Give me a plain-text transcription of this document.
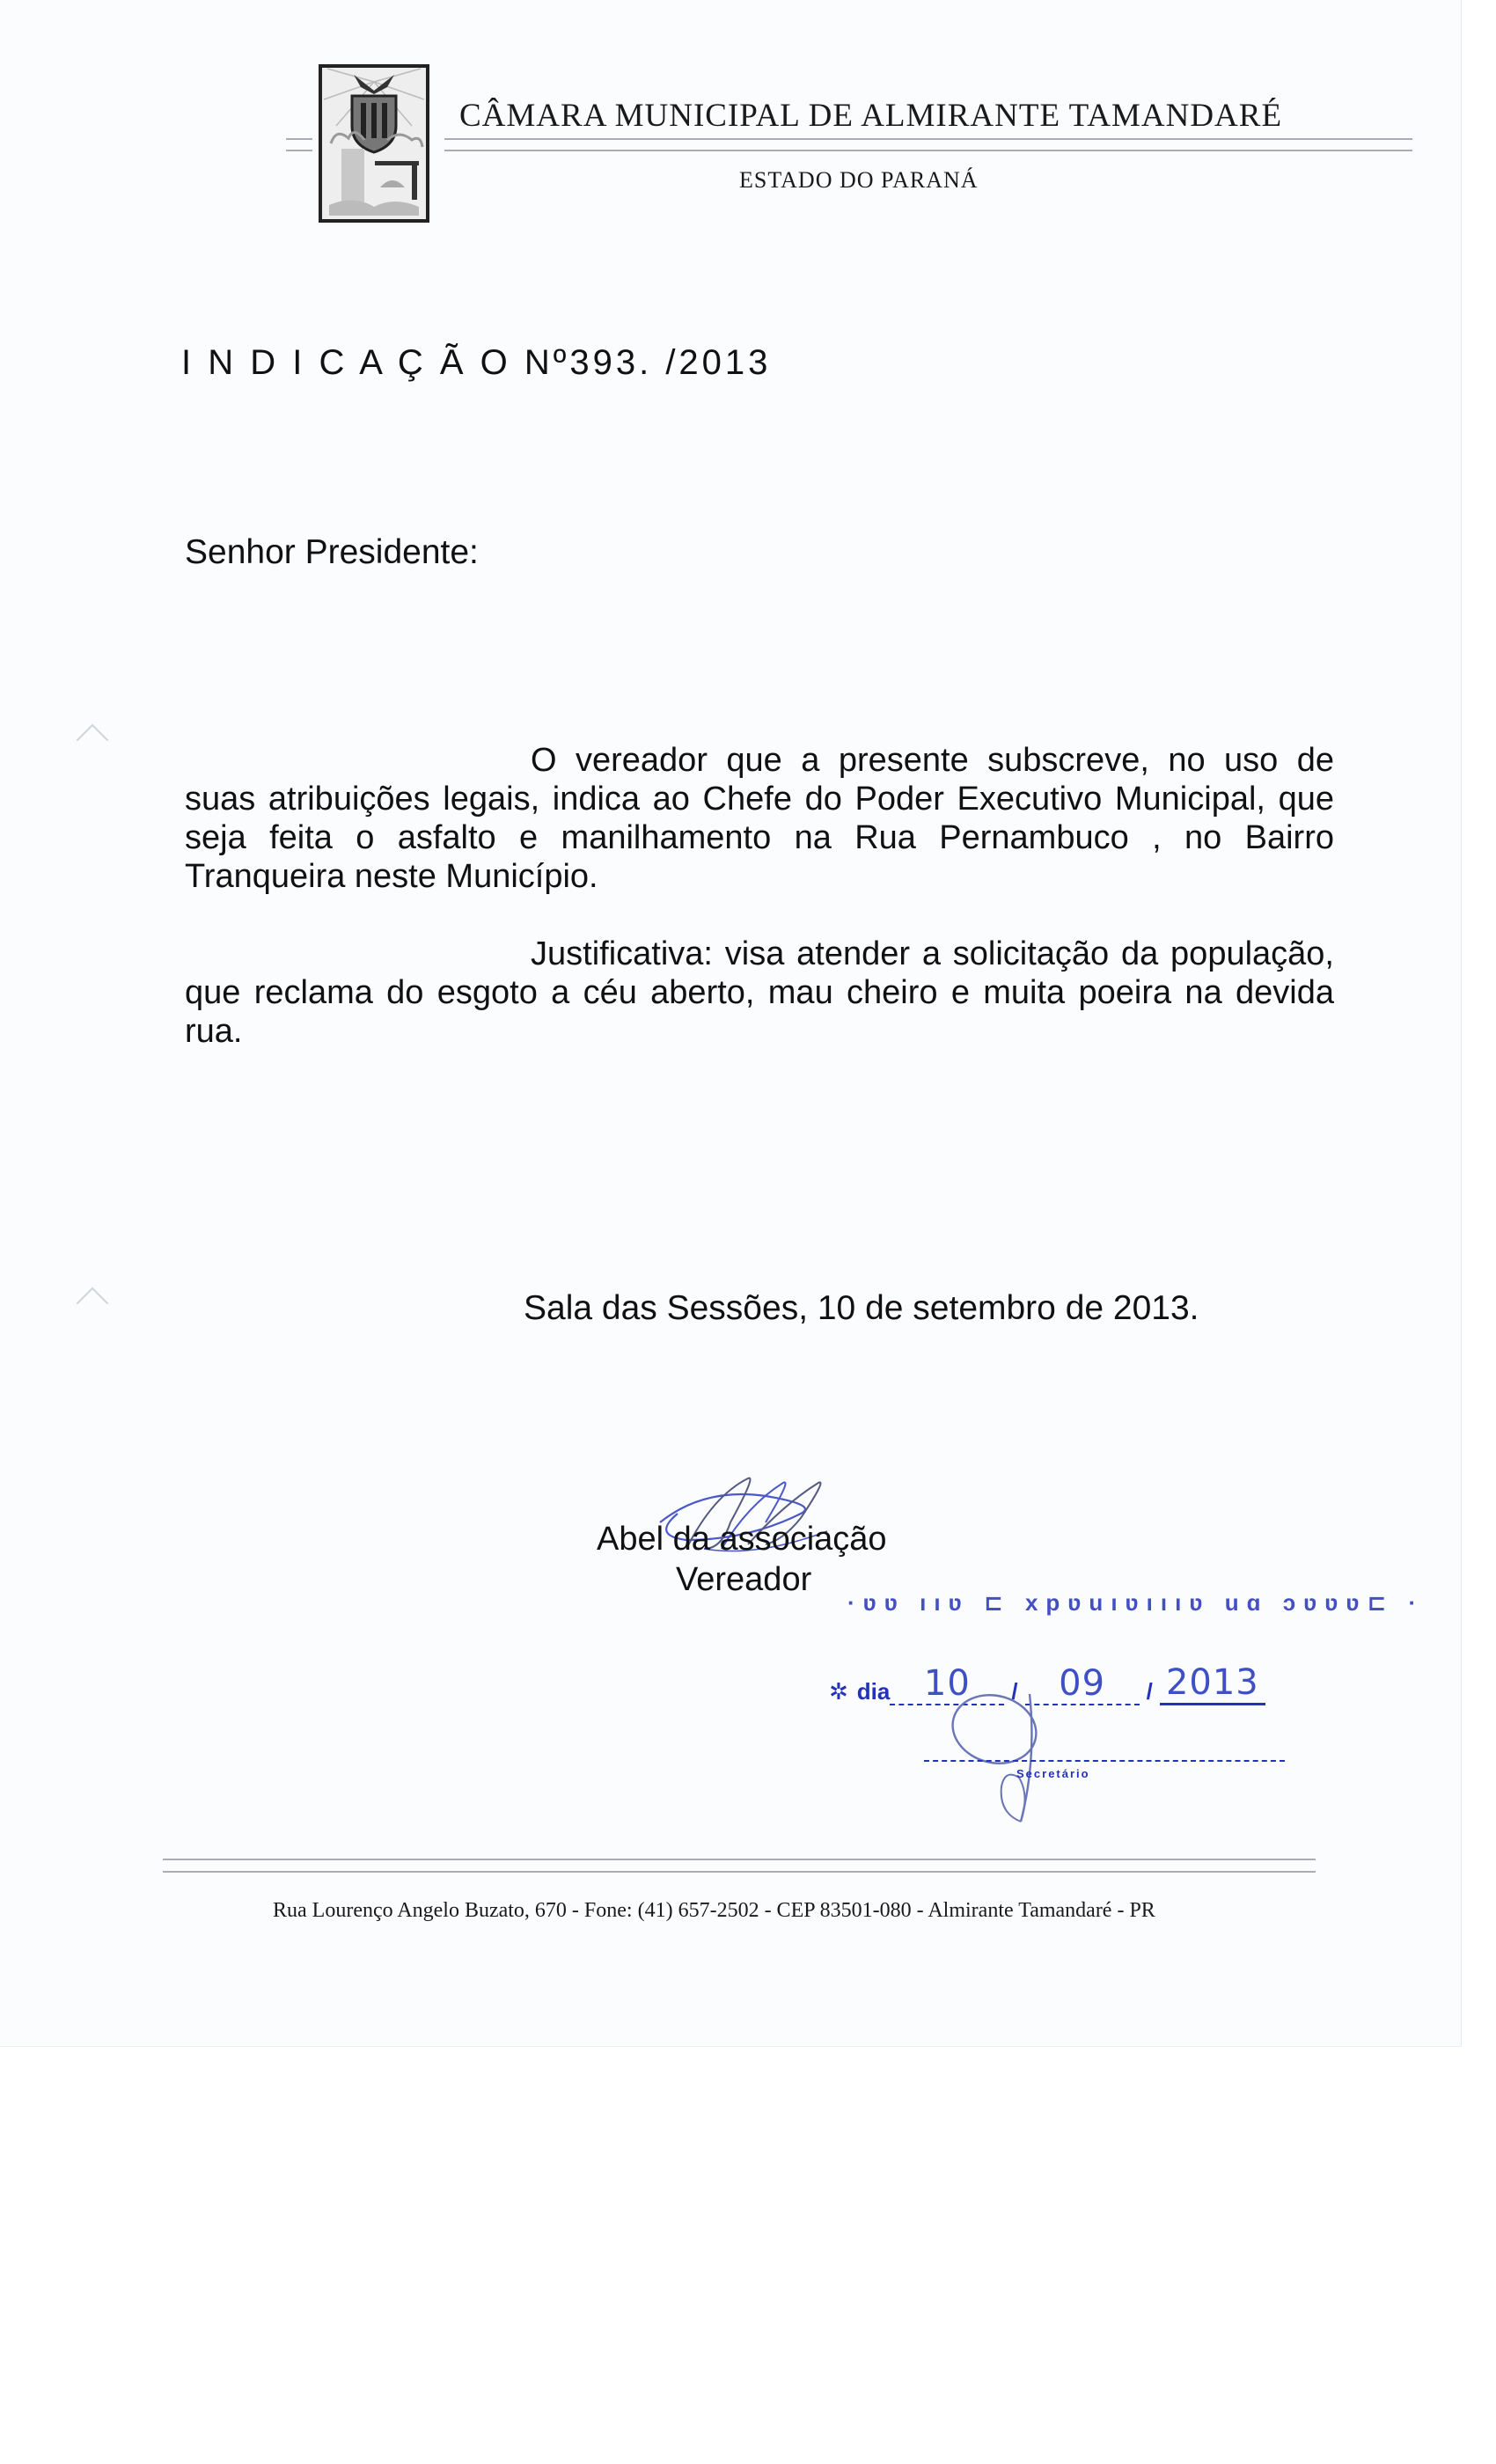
CÂMARA MUNICIPAL DE ALMIRANTE TAMANDARÉ
ESTADO DO PARANÁ
I N D I C A Ç Ã O Nº393. /2013
Senhor Presidente:

O vereador que a presente subscreve, no uso de suas atribuições legais, indica ao Chefe do Poder Executivo Municipal, que seja feita o asfalto e manilhamento na Rua Pernambuco , no Bairro Tranqueira neste Município.

Justificativa: visa atender a solicitação da população, que reclama do esgoto a céu aberto, mau cheiro e muita poeira na devida rua.

Sala das Sessões, 10 de setembro de 2013.
Abel da associação
Vereador
·ʋʋ ııʋ ⊏ xpʋuıʋıııʋ uɑ ɔʋʋʋ⊏ ·
✲ dia 10	/	09	/ 2013
Secretário
Rua Lourenço Angelo Buzato, 670 - Fone: (41) 657-2502 - CEP 83501-080 - Almirante Tamandaré - PR
